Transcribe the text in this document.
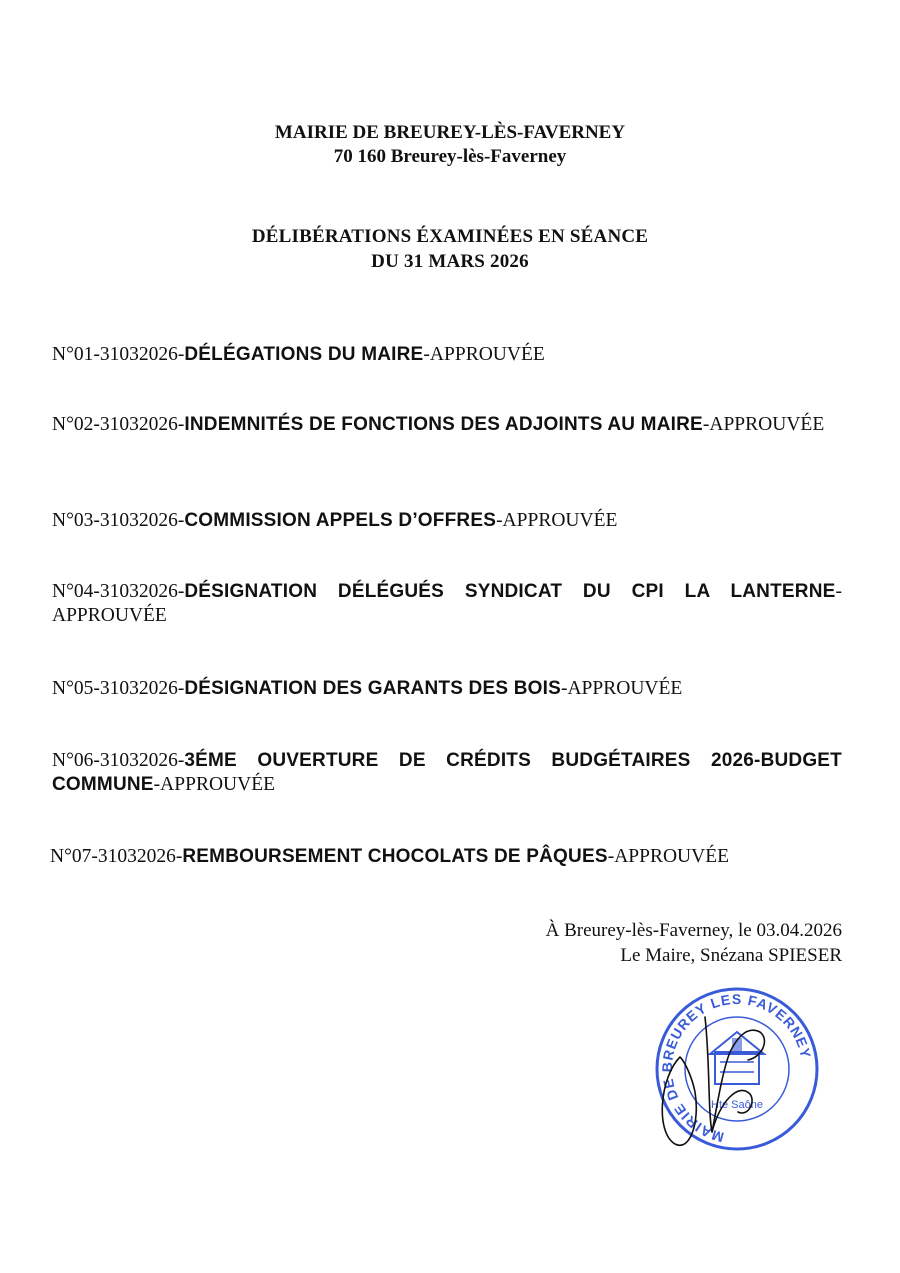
MAIRIE DE BREUREY-LÈS-FAVERNEY
70 160 Breurey-lès-Faverney
DÉLIBÉRATIONS ÉXAMINÉES EN SÉANCE
DU 31 MARS 2026
N°01-31032026-DÉLÉGATIONS DU MAIRE-APPROUVÉE
N°02-31032026-INDEMNITÉS DE FONCTIONS DES ADJOINTS AU MAIRE-APPROUVÉE
N°03-31032026-COMMISSION APPELS D’OFFRES-APPROUVÉE
N°04-31032026-DÉSIGNATION DÉLÉGUÉS SYNDICAT DU CPI LA LANTERNE-APPROUVÉE
N°05-31032026-DÉSIGNATION DES GARANTS DES BOIS-APPROUVÉE
N°06-31032026-3ÉME OUVERTURE DE CRÉDITS BUDGÉTAIRES 2026-BUDGET COMMUNE-APPROUVÉE
N°07-31032026-REMBOURSEMENT CHOCOLATS DE PÂQUES-APPROUVÉE
À Breurey-lès-Faverney, le 03.04.2026
Le Maire, Snézana SPIESER
MAIRIE DE BREUREY LES FAVERNEY
Hte Saône
